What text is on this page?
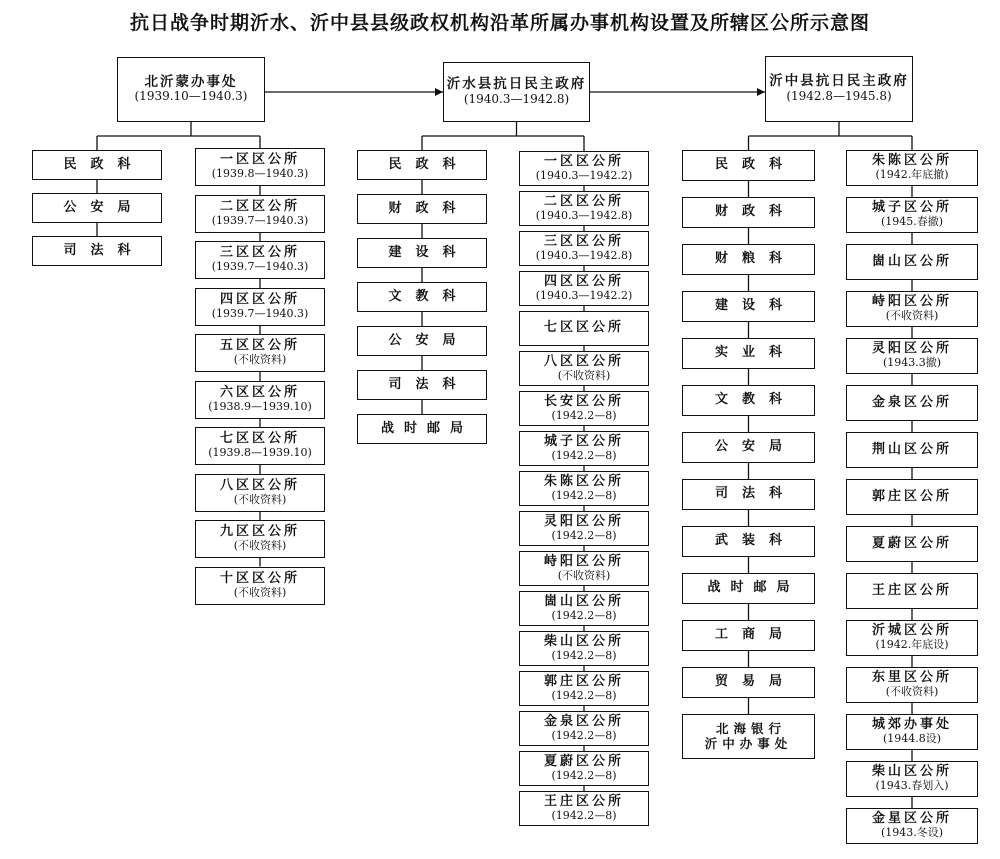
抗日战争时期沂水、沂中县县级政权机构沿革所属办事机构设置及所辖区公所示意图
北沂蒙办事处
(1939.10—1940.3)
民政科
公安局
司法科
一区区公所
(1939.8—1940.3)
二区区公所
(1939.7—1940.3)
三区区公所
(1939.7—1940.3)
四区区公所
(1939.7—1940.3)
五区区公所
(不收资料)
六区区公所
(1938.9—1939.10)
七区区公所
(1939.8—1939.10)
八区区公所
(不收资料)
九区区公所
(不收资料)
十区区公所
(不收资料)
沂水县抗日民主政府
(1940.3—1942.8)
民政科
财政科
建设科
文教科
公安局
司法科
战时邮局
一区区公所
(1940.3—1942.2)
二区区公所
(1940.3—1942.8)
三区区公所
(1940.3—1942.8)
四区区公所
(1940.3—1942.2)
七区区公所
八区区公所
(不收资料)
长安区公所
(1942.2—8)
城子区公所
(1942.2—8)
朱陈区公所
(1942.2—8)
灵阳区公所
(1942.2—8)
峙阳区公所
(不收资料)
崮山区公所
(1942.2—8)
柴山区公所
(1942.2—8)
郭庄区公所
(1942.2—8)
金泉区公所
(1942.2—8)
夏蔚区公所
(1942.2—8)
王庄区公所
(1942.2—8)
沂中县抗日民主政府
(1942.8—1945.8)
民政科
财政科
财粮科
建设科
实业科
文教科
公安局
司法科
武装科
战时邮局
工商局
贸易局
北海银行
沂中办事处
朱陈区公所
(1942.年底撤)
城子区公所
(1945.春撤)
崮山区公所
峙阳区公所
(不收资料)
灵阳区公所
(1943.3撤)
金泉区公所
荆山区公所
郭庄区公所
夏蔚区公所
王庄区公所
沂城区公所
(1942.年底设)
东里区公所
(不收资料)
城郊办事处
(1944.8设)
柴山区公所
(1943.春划入)
金星区公所
(1943.冬设)
